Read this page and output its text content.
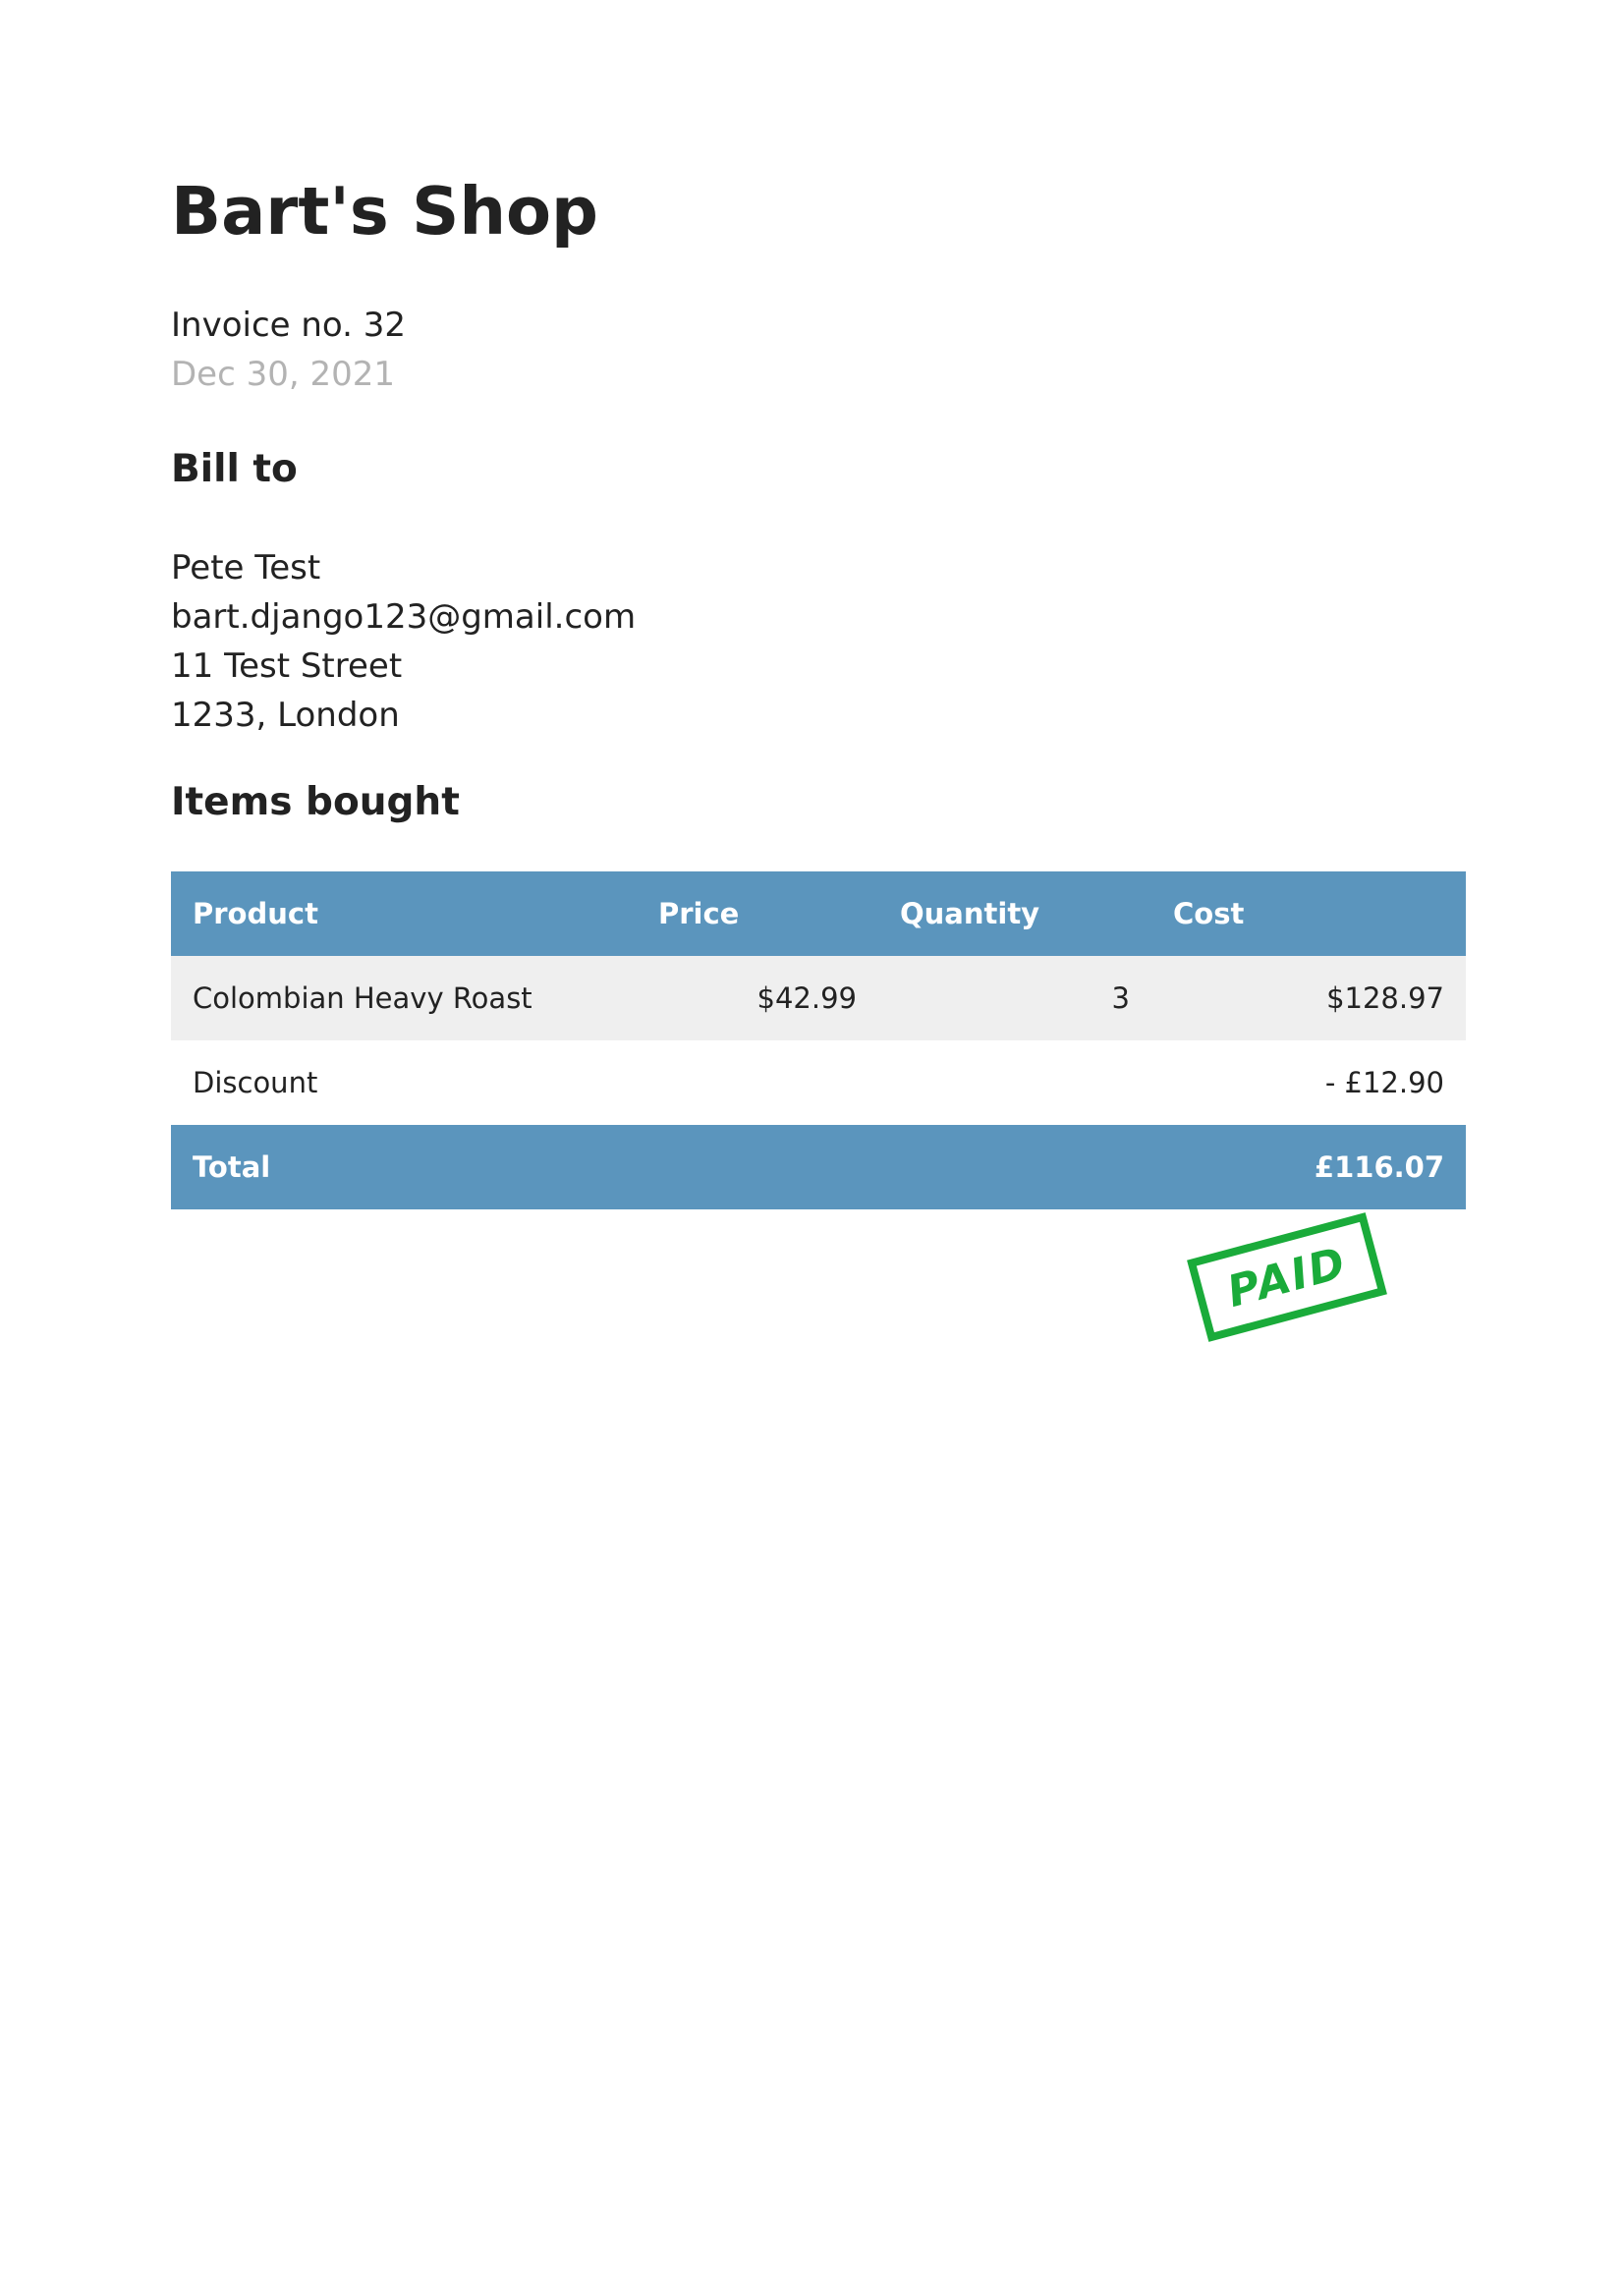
Bart's Shop
Invoice no. 32
Dec 30, 2021
Bill to
Pete Test
bart.django123@gmail.com
11 Test Street
1233, London
Items bought
Product	Price	Quantity	Cost
Colombian Heavy Roast	$42.99	3	$128.97
Discount			- £12.90
Total			£116.07
PAID
